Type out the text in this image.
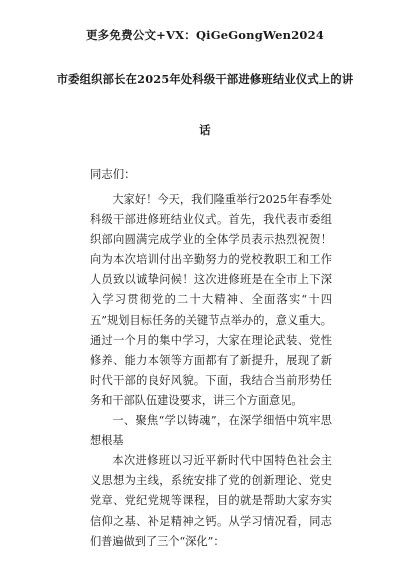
更多免费公文+VX：QiGeGongWen2024
市委组织部长在2025年处科级干部进修班结业仪式上的讲
话
同志们：

大家好！今天，我们隆重举行2025年春季处科级干部进修班结业仪式。首先，我代表市委组织部向圆满完成学业的全体学员表示热烈祝贺！向为本次培训付出辛勤努力的党校教职工和工作人员致以诚挚问候！这次进修班是在全市上下深入学习贯彻党的二十大精神、全面落实“十四五”规划目标任务的关键节点举办的，意义重大。通过一个月的集中学习，大家在理论武装、党性修养、能力本领等方面都有了新提升，展现了新时代干部的良好风貌。下面，我结合当前形势任务和干部队伍建设要求，讲三个方面意见。

一、聚焦“学以铸魂”，在深学细悟中筑牢思想根基

本次进修班以习近平新时代中国特色社会主义思想为主线，系统安排了党的创新理论、党史党章、党纪党规等课程，目的就是帮助大家夯实信仰之基、补足精神之钙。从学习情况看，同志们普遍做到了三个“深化”：
